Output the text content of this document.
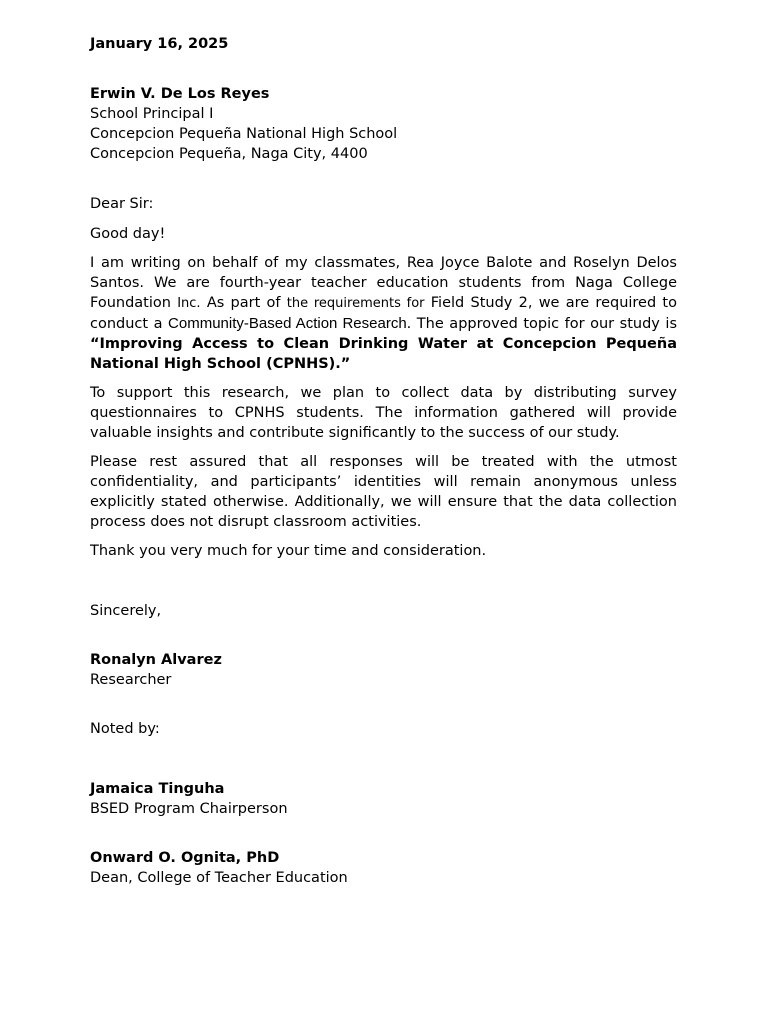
January 16, 2025

Erwin V. De Los Reyes

School Principal I

Concepcion Pequeña National High School

Concepcion Pequeña, Naga City, 4400

Dear Sir:

Good day!

I am writing on behalf of my classmates, Rea Joyce Balote and Roselyn Delos Santos. We are fourth-year teacher education students from Naga College Foundation Inc. As part of the requirements for Field Study 2, we are required to conduct a Community-Based Action Research. The approved topic for our study is “Improving Access to Clean Drinking Water at Concepcion Pequeña National High School (CPNHS).”

To support this research, we plan to collect data by distributing survey questionnaires to CPNHS students. The information gathered will provide valuable insights and contribute significantly to the success of our study.

Please rest assured that all responses will be treated with the utmost confidentiality, and participants’ identities will remain anonymous unless explicitly stated otherwise. Additionally, we will ensure that the data collection process does not disrupt classroom activities.

Thank you very much for your time and consideration.

Sincerely,

Ronalyn Alvarez

Researcher

Noted by:

Jamaica Tinguha

BSED Program Chairperson

Onward O. Ognita, PhD

Dean, College of Teacher Education
